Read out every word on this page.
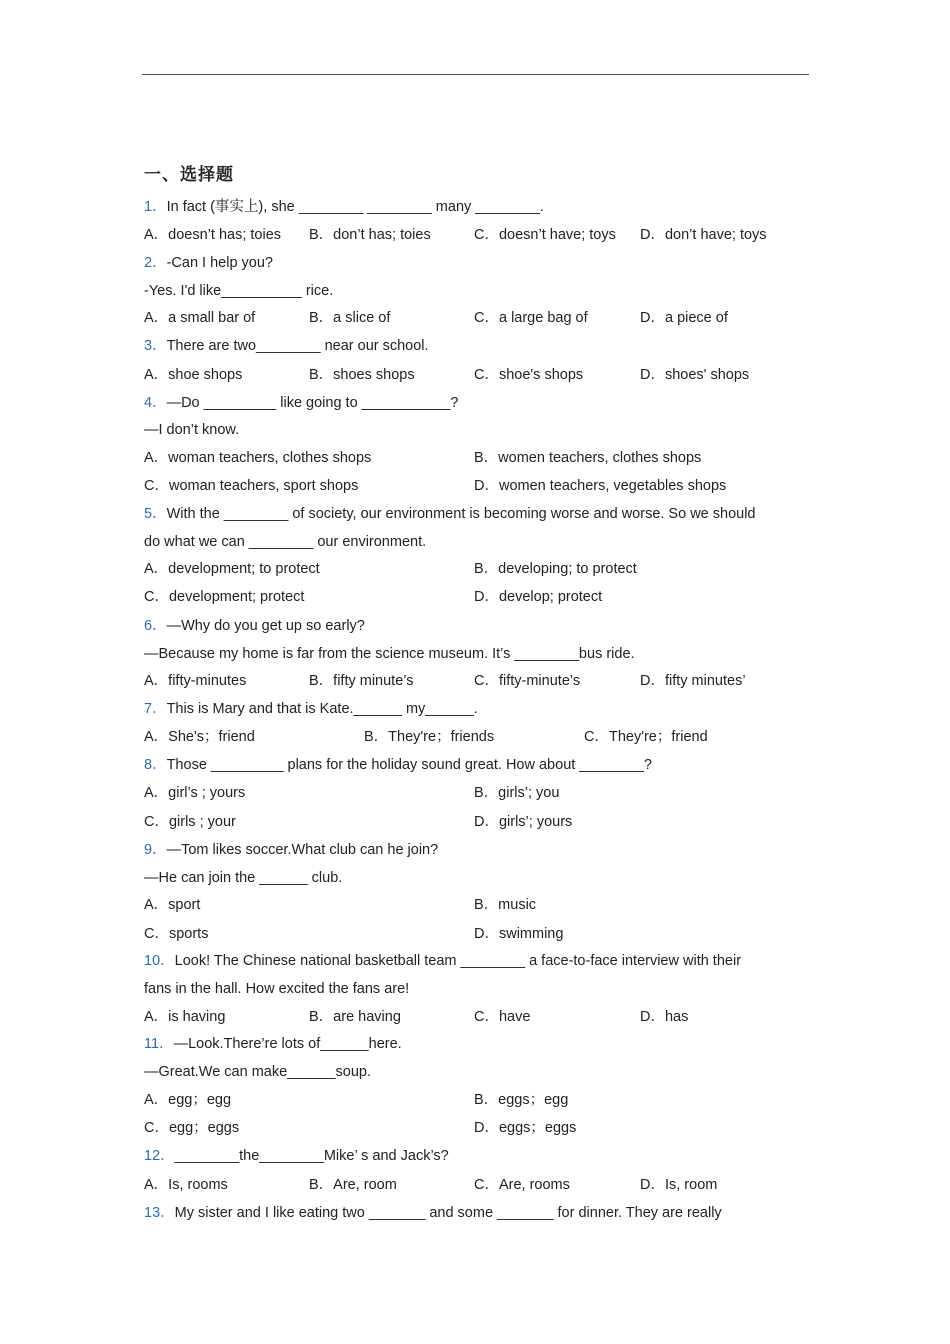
一、选择题
1．In fact (事实上), she ________ ________ many ________.
A．doesn’t has; toies B．don’t has; toies	C．doesn’t have; toys D．don’t have; toys
2．-Can I help you?
-Yes. I'd like__________ rice.
A．a small bar of	B．a slice of	C．a large bag of	D．a piece of
3．There are two________ near our school.
A．shoe shops	B．shoes shops	C．shoe's shops	D．shoes' shops
4．—Do _________ like going to ___________?
—I don’t know.
A．woman teachers, clothes shops	B．women teachers, clothes shops
C．woman teachers, sport shops	D．women teachers, vegetables shops
5．With the ________ of society, our environment is becoming worse and worse. So we should
do what we can ________ our environment.
A．development; to protect	B．developing; to protect
C．development; protect	D．develop; protect
6．—Why do you get up so early?
—Because my home is far from the science museum. It’s ________bus ride.
A．fifty-minutes	B．fifty minute’s	C．fifty-minute’s	D．fifty minutes’
7．This is Mary and that is Kate.______ my______.
A．She's；friend	B．They're；friends	C．They're；friend
8．Those _________ plans for the holiday sound great. How about ________?
A．girl’s ; yours	B．girls’; you
C．girls ; your	D．girls’; yours
9．—Tom likes soccer.What club can he join?
—He can join the ______ club.
A．sport	B．music
C．sports	D．swimming
10．Look! The Chinese national basketball team ________ a face-to-face interview with their
fans in the hall. How excited the fans are!
A．is having	B．are having	C．have	D．has
11．—Look.There’re lots of______here.
—Great.We can make______soup.
A．egg；egg	B．eggs；egg
C．egg；eggs	D．eggs；eggs
12．________the________Mike’ s and Jack’s?
A．Is, rooms	B．Are, room	C．Are, rooms	D．Is, room
13．My sister and I like eating two _______ and some _______ for dinner. They are really
